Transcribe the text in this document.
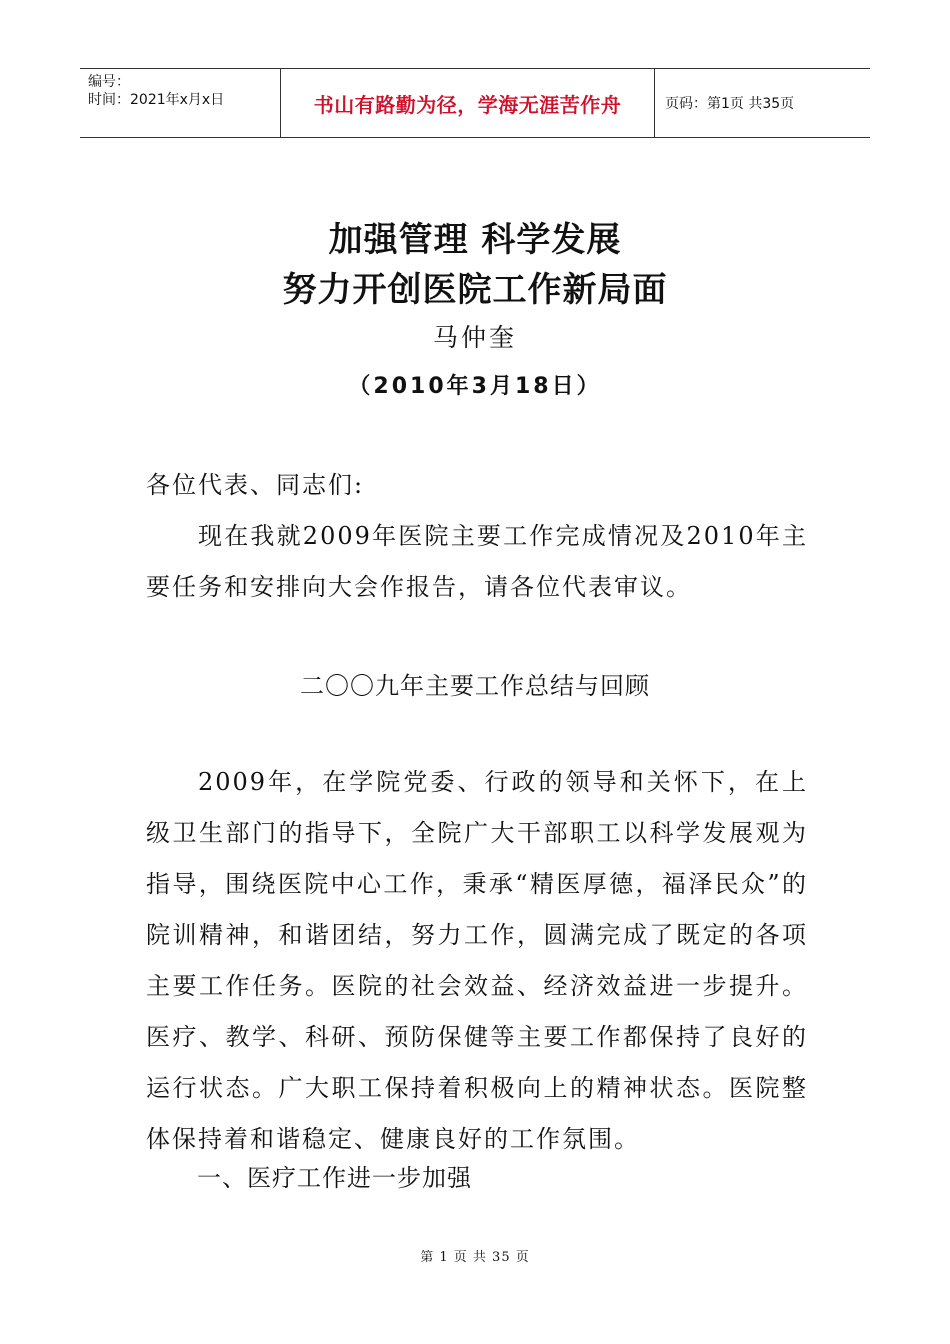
编号：
时间：2021年x月x日	书山有路勤为径，学海无涯苦作舟	页码：第1页 共35页
加强管理 科学发展
努力开创医院工作新局面
马仲奎
（2010年3月18日）
各位代表、同志们:
现在我就2009年医院主要工作完成情况及2010年主要任务和安排向大会作报告，请各位代表审议。
二〇〇九年主要工作总结与回顾
2009年，在学院党委、行政的领导和关怀下，在上级卫生部门的指导下，全院广大干部职工以科学发展观为指导，围绕医院中心工作，秉承“精医厚德，福泽民众”的院训精神，和谐团结，努力工作，圆满完成了既定的各项主要工作任务。医院的社会效益、经济效益进一步提升。医疗、教学、科研、预防保健等主要工作都保持了良好的运行状态。广大职工保持着积极向上的精神状态。医院整体保持着和谐稳定、健康良好的工作氛围。
一、医疗工作进一步加强
第 1 页 共 35 页
